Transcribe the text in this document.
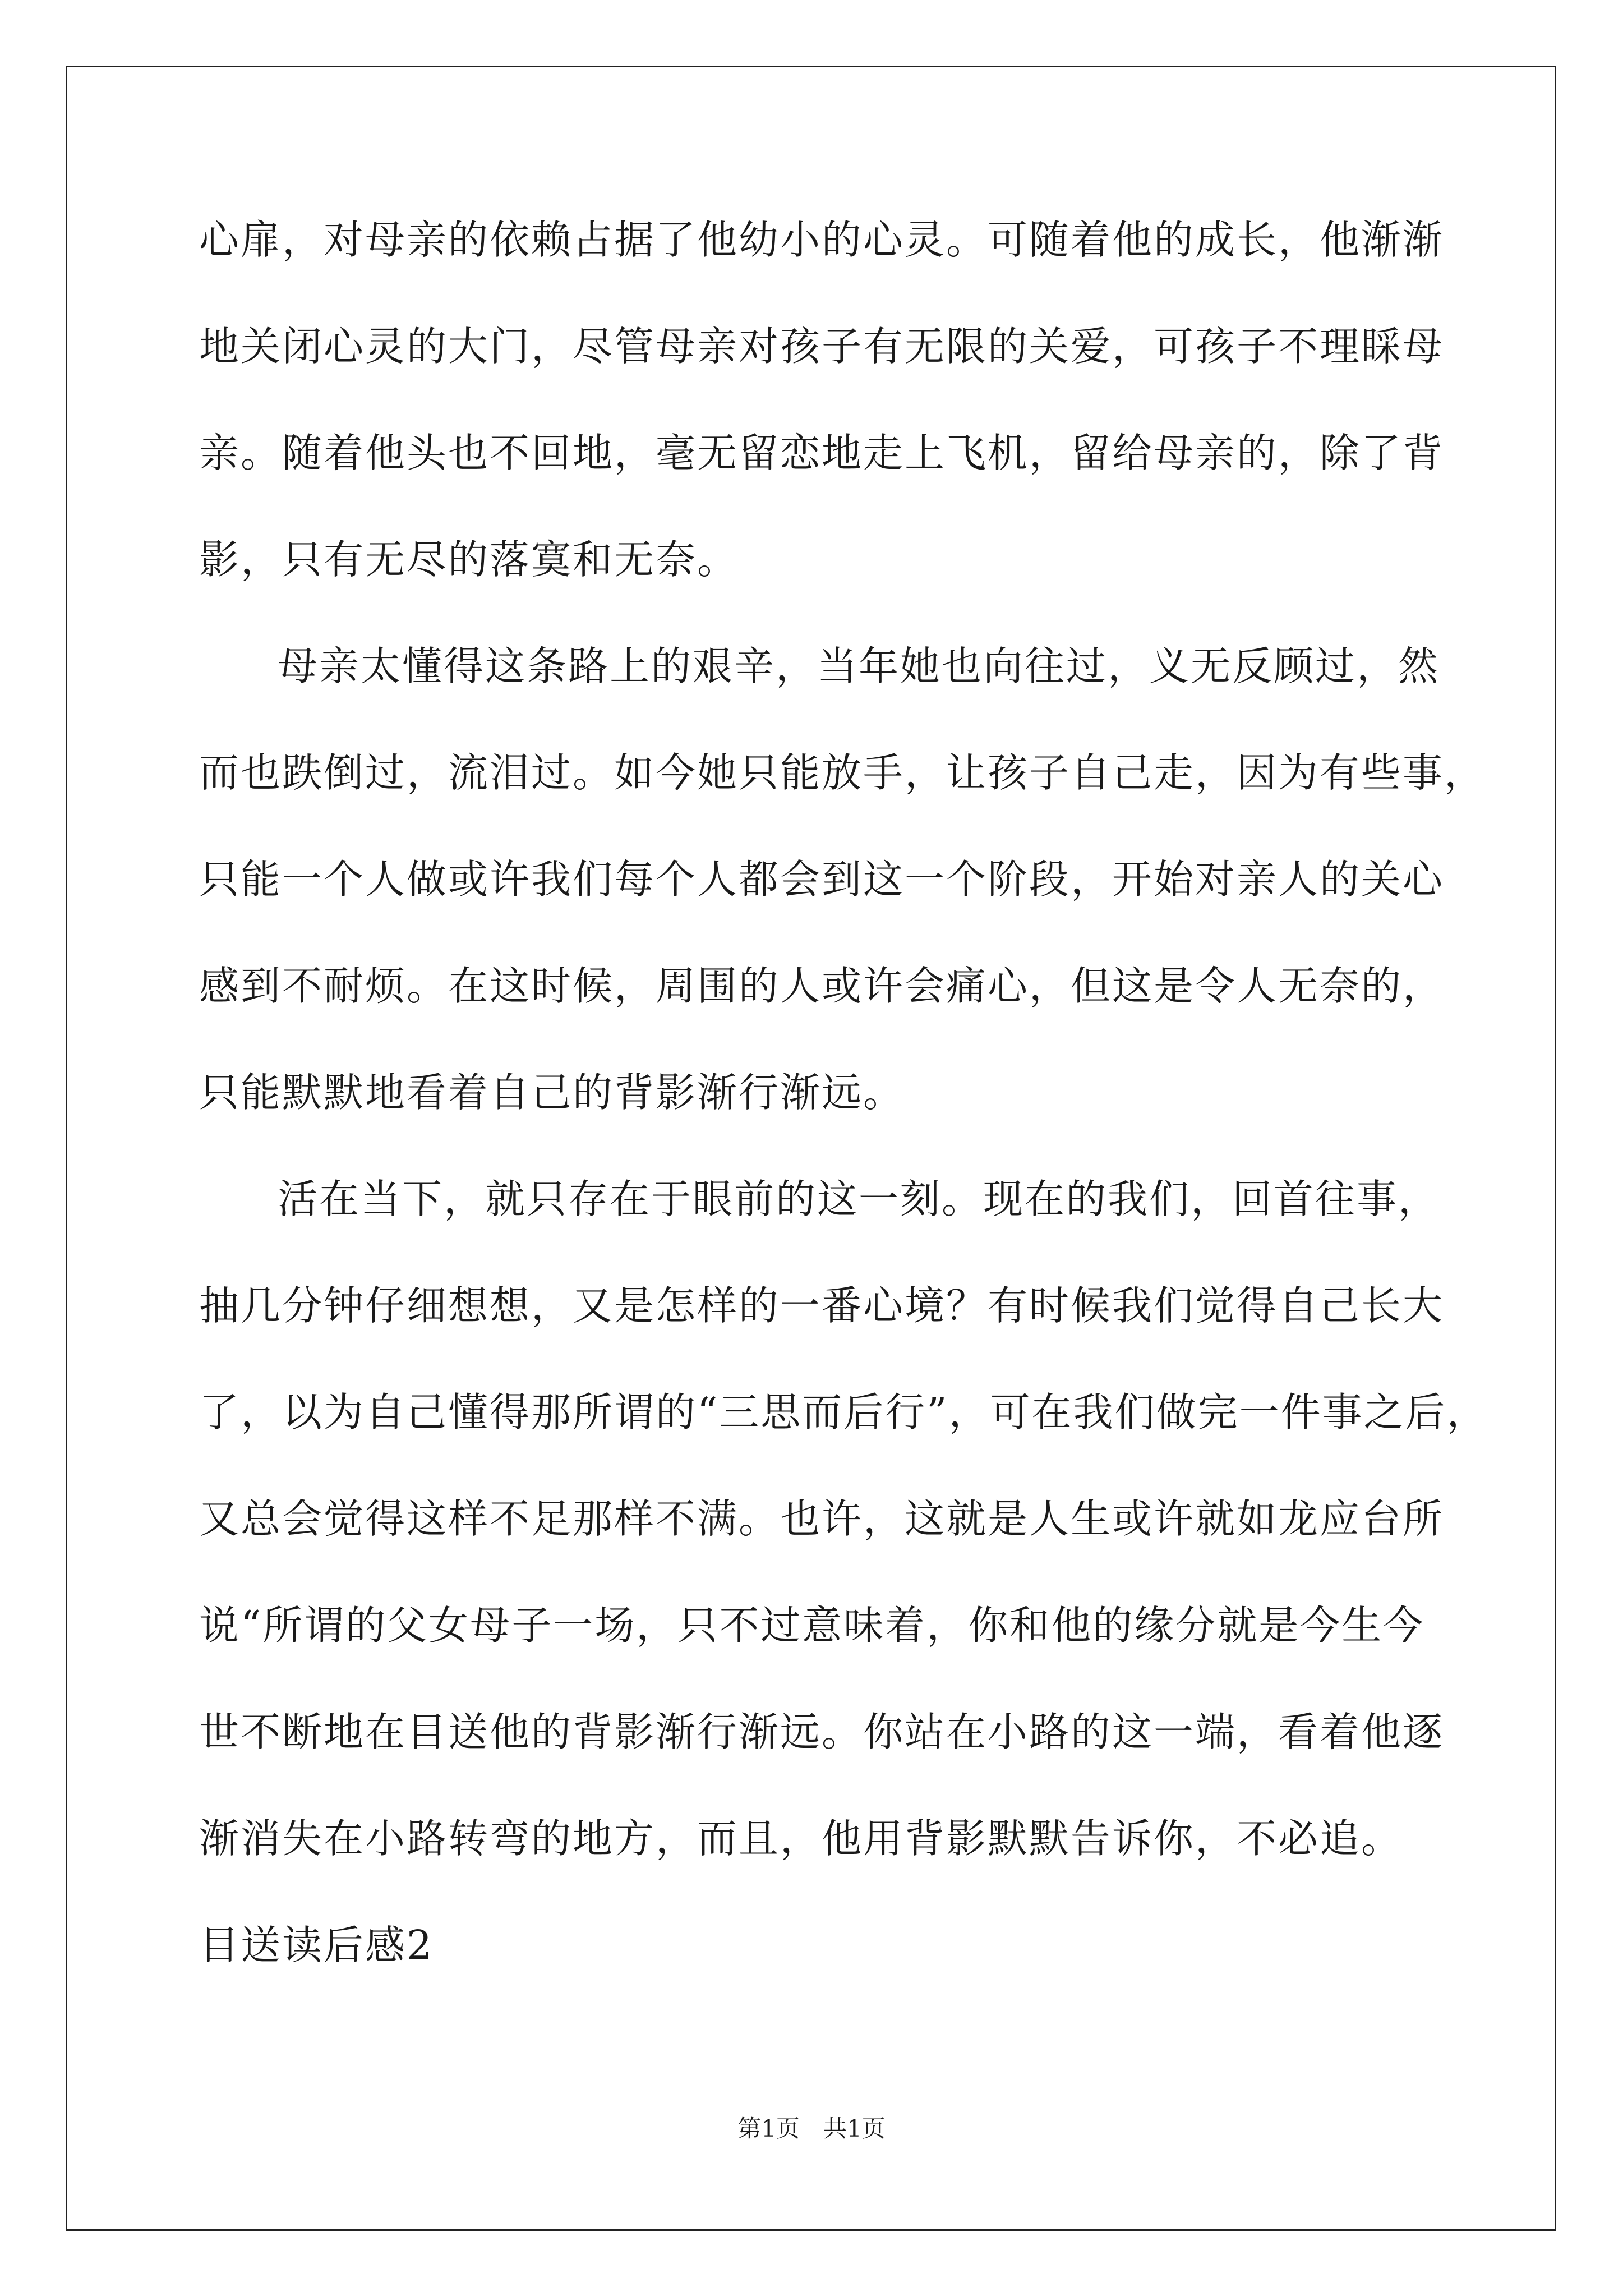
心扉，对母亲的依赖占据了他幼小的心灵。可随着他的成长，他渐渐
地关闭心灵的大门，尽管母亲对孩子有无限的关爱，可孩子不理睬母
亲。随着他头也不回地，毫无留恋地走上飞机，留给母亲的，除了背
影，只有无尽的落寞和无奈。
母亲太懂得这条路上的艰辛，当年她也向往过，义无反顾过，然
而也跌倒过，流泪过。如今她只能放手，让孩子自己走，因为有些事，
只能一个人做或许我们每个人都会到这一个阶段，开始对亲人的关心
感到不耐烦。在这时候，周围的人或许会痛心，但这是令人无奈的，
只能默默地看着自己的背影渐行渐远。
活在当下，就只存在于眼前的这一刻。现在的我们，回首往事，
抽几分钟仔细想想，又是怎样的一番心境？有时候我们觉得自己长大
了，以为自己懂得那所谓的“三思而后行”，可在我们做完一件事之后，
又总会觉得这样不足那样不满。也许，这就是人生或许就如龙应台所
说“所谓的父女母子一场，只不过意味着，你和他的缘分就是今生今
世不断地在目送他的背影渐行渐远。你站在小路的这一端，看着他逐
渐消失在小路转弯的地方，而且，他用背影默默告诉你，不必追。
目送读后感2
第1页　共1页
